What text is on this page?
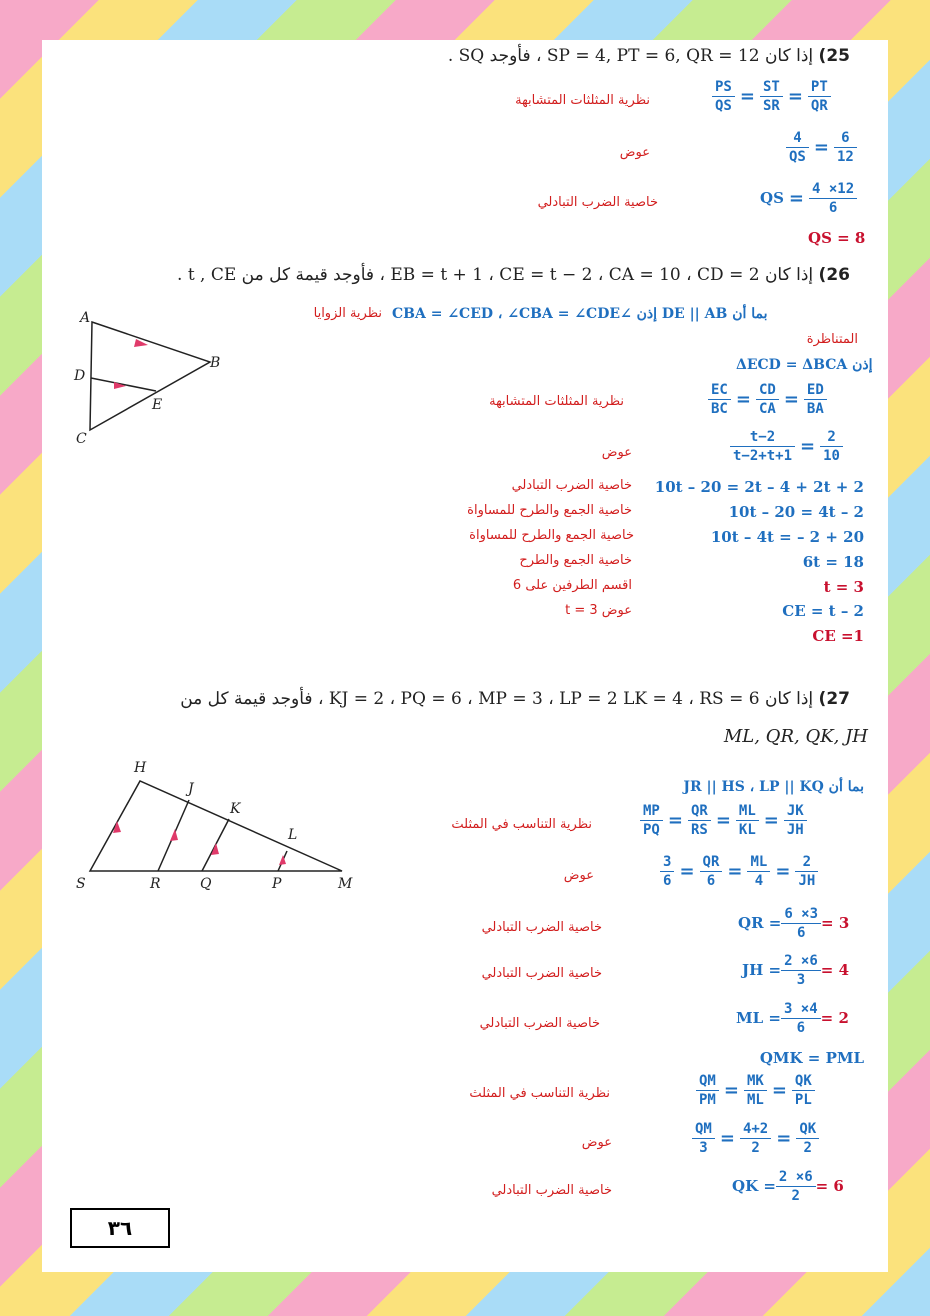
25) إذا كان SP = 4, PT = 6, QR = 12 ، فأوجد SQ .
نظرية المثلثات المتشابهة	$\frac{PS}{QS} = \frac{ST}{SR} = \frac{PT}{QR}$
عوض	$\frac{4}{QS} = \frac{6}{12}$
خاصية الضرب التبادلي	QS = $\frac{4 \times 12}{6}$
QS = 8
26) إذا كان EB = t + 1 ، CE = t − 2 ، CA = 10 ، CD = 2 ، فأوجد قيمة كل من t , CE .
A
B
C
D
E
بما أن DE || AB إذن ∠CBA = ∠CED ، ∠CBA = ∠CDE
نظرية الزوايا
المتناظرة
إذن ΔECD = ΔBCA
نظرية المثلثات المتشابهة	$\frac{EC}{BC} = \frac{CD}{CA} = \frac{ED}{BA}$
عوض	$\frac{t-2}{t-2+t+1} = \frac{2}{10}$
خاصية الضرب التبادلي 10t – 20 = 2t – 4 + 2t + 2
خاصية الجمع والطرح للمساواة	10t – 20 = 4t – 2
خاصية الجمع والطرح للمساواة	10t – 4t = – 2 + 20
خاصية الجمع والطرح	6t = 18
اقسم الطرفين على 6	t = 3
عوض t = 3	CE = t – 2
CE =1
27) إذا كان KJ = 2 ، PQ = 6 ، MP = 3 ، LP = 2 LK = 4 ، RS = 6 ، فأوجد قيمة كل من
ML, QR, QK, JH
H
J
K
L
S	R	Q	P	M
بما أن JR || HS ، LP || KQ
نظرية التناسب في المثلث	$\frac{MP}{PQ} = \frac{QR}{RS} = \frac{ML}{KL} = \frac{JK}{JH}$
عوض	$\frac{3}{6} = \frac{QR}{6} = \frac{ML}{4} = \frac{2}{JH}$
خاصية الضرب التبادلي	QR = $\frac{6 \times 3}{6} = 3$
خاصية الضرب التبادلي	JH = $\frac{2 \times 6}{3} = 4$
خاصية الضرب التبادلي	ML = $\frac{3 \times 4}{6} = 2$
QMK = PML
نظرية التناسب في المثلث	$\frac{QM}{PM} = \frac{MK}{ML} = \frac{QK}{PL}$
عوض	$\frac{QM}{3} = \frac{4+2}{2} = \frac{QK}{2}$
خاصية الضرب التبادلي	QK = $\frac{2 \times 6}{2} = 6$
٣٦
